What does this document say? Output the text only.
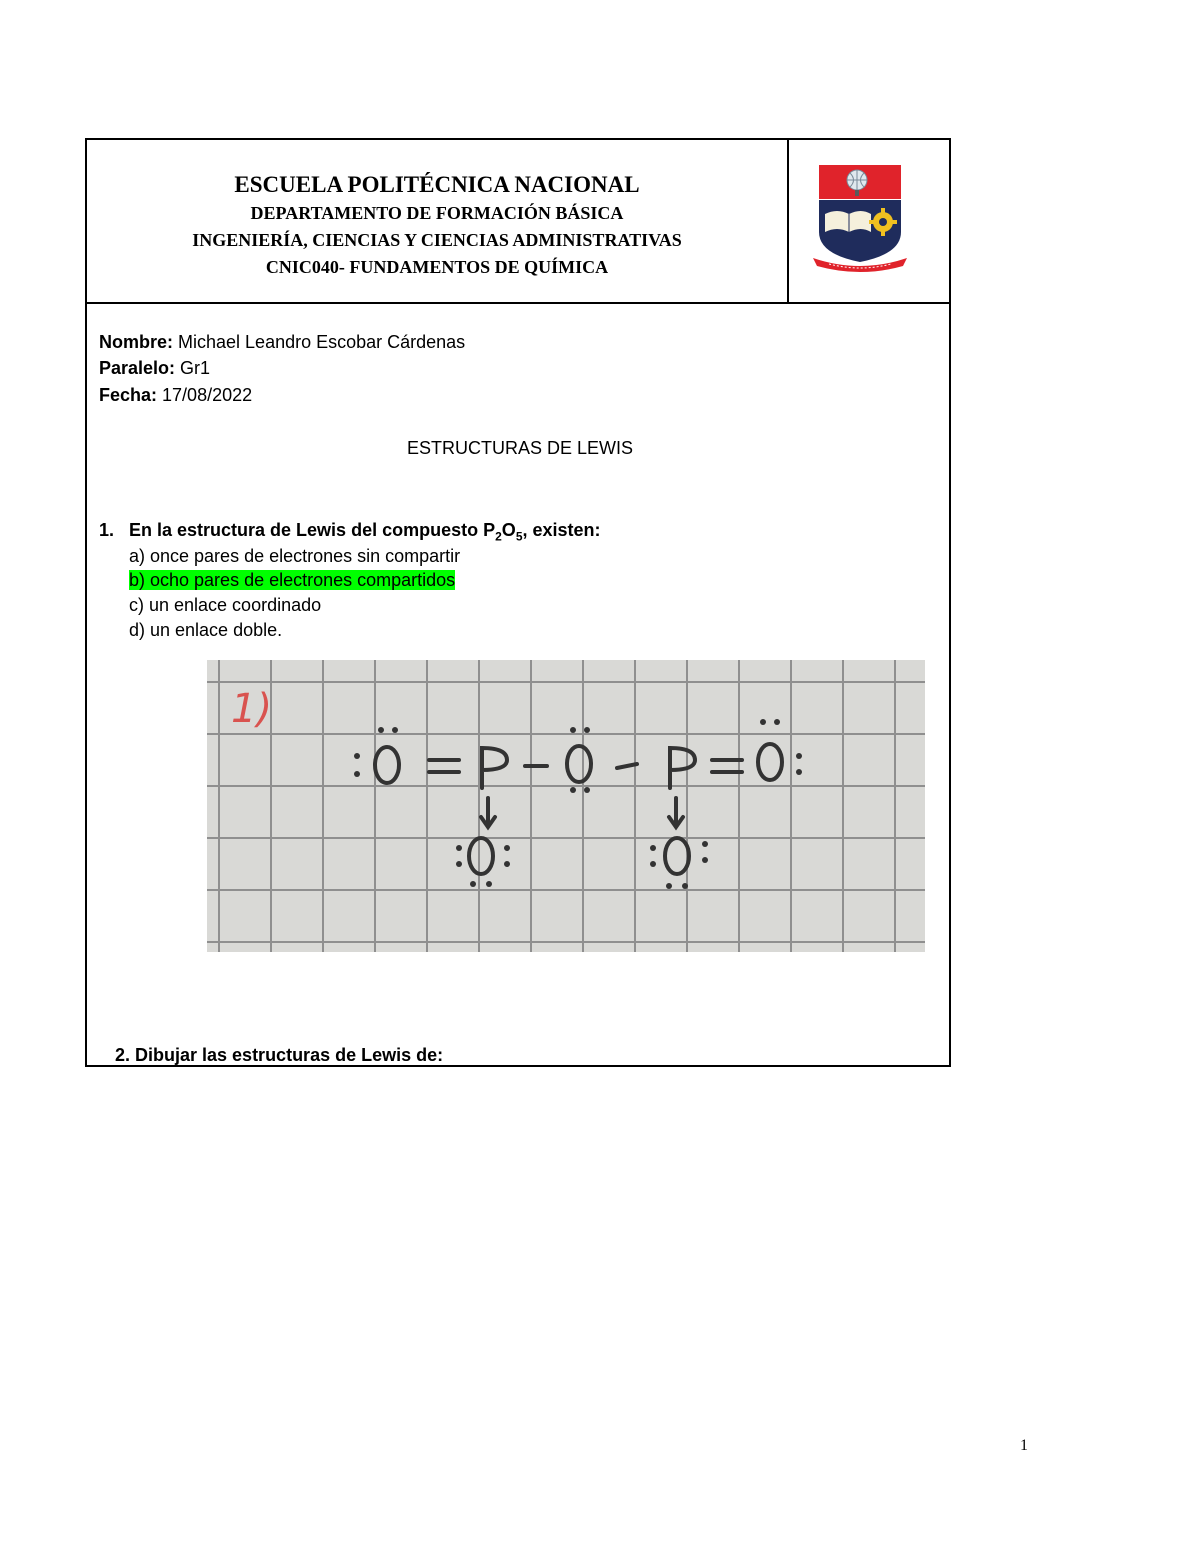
ESCUELA POLITÉCNICA NACIONAL
DEPARTAMENTO DE FORMACIÓN BÁSICA
INGENIERÍA, CIENCIAS Y CIENCIAS ADMINISTRATIVAS
CNIC040- FUNDAMENTOS DE QUÍMICA
Nombre: Michael Leandro Escobar Cárdenas
Paralelo: Gr1
Fecha: 17/08/2022
ESTRUCTURAS DE LEWIS
1. En la estructura de Lewis del compuesto $P_2O_5$, existen:
a) once pares de electrones sin compartir
b) ocho pares de electrones compartidos
c) un enlace coordinado
d) un enlace doble.
1)
2. Dibujar las estructuras de Lewis de:
1
